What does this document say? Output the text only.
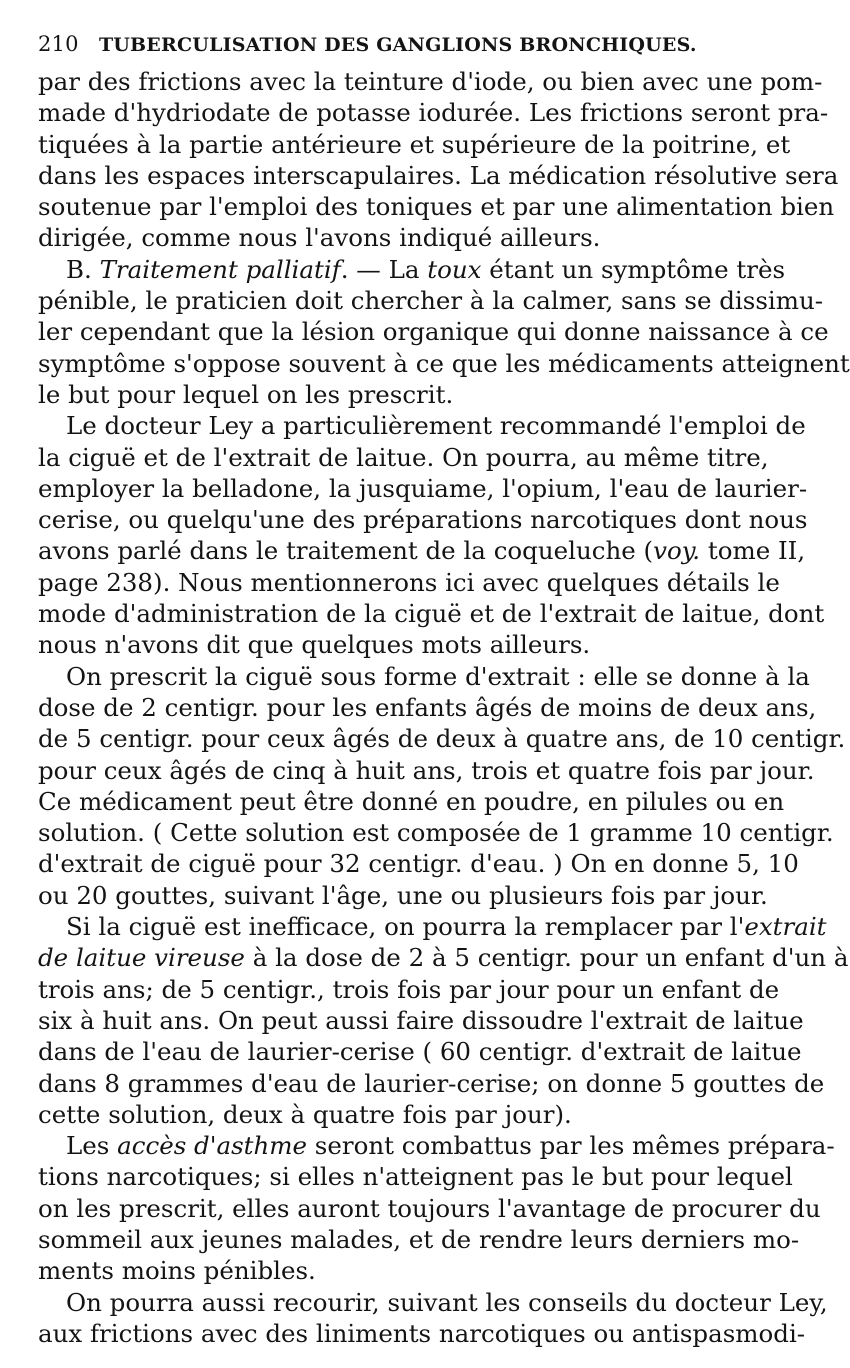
210 TUBERCULISATION DES GANGLIONS BRONCHIQUES.
par des frictions avec la teinture d'iode, ou bien avec une pom-
made d'hydriodate de potasse iodurée. Les frictions seront pra-
tiquées à la partie antérieure et supérieure de la poitrine, et
dans les espaces interscapulaires. La médication résolutive sera
soutenue par l'emploi des toniques et par une alimentation bien
dirigée, comme nous l'avons indiqué ailleurs.
B. Traitement palliatif. — La toux étant un symptôme très
pénible, le praticien doit chercher à la calmer, sans se dissimu-
ler cependant que la lésion organique qui donne naissance à ce
symptôme s'oppose souvent à ce que les médicaments atteignent
le but pour lequel on les prescrit.
Le docteur Ley a particulièrement recommandé l'emploi de
la ciguë et de l'extrait de laitue. On pourra, au même titre,
employer la belladone, la jusquiame, l'opium, l'eau de laurier-
cerise, ou quelqu'une des préparations narcotiques dont nous
avons parlé dans le traitement de la coqueluche (voy. tome II,
page 238). Nous mentionnerons ici avec quelques détails le
mode d'administration de la ciguë et de l'extrait de laitue, dont
nous n'avons dit que quelques mots ailleurs.
On prescrit la ciguë sous forme d'extrait : elle se donne à la
dose de 2 centigr. pour les enfants âgés de moins de deux ans,
de 5 centigr. pour ceux âgés de deux à quatre ans, de 10 centigr.
pour ceux âgés de cinq à huit ans, trois et quatre fois par jour.
Ce médicament peut être donné en poudre, en pilules ou en
solution. ( Cette solution est composée de 1 gramme 10 centigr.
d'extrait de ciguë pour 32 centigr. d'eau. ) On en donne 5, 10
ou 20 gouttes, suivant l'âge, une ou plusieurs fois par jour.
Si la ciguë est inefficace, on pourra la remplacer par l'extrait
de laitue vireuse à la dose de 2 à 5 centigr. pour un enfant d'un à
trois ans; de 5 centigr., trois fois par jour pour un enfant de
six à huit ans. On peut aussi faire dissoudre l'extrait de laitue
dans de l'eau de laurier-cerise ( 60 centigr. d'extrait de laitue
dans 8 grammes d'eau de laurier-cerise; on donne 5 gouttes de
cette solution, deux à quatre fois par jour).
Les accès d'asthme seront combattus par les mêmes prépara-
tions narcotiques; si elles n'atteignent pas le but pour lequel
on les prescrit, elles auront toujours l'avantage de procurer du
sommeil aux jeunes malades, et de rendre leurs derniers mo-
ments moins pénibles.
On pourra aussi recourir, suivant les conseils du docteur Ley,
aux frictions avec des liniments narcotiques ou antispasmodi-
